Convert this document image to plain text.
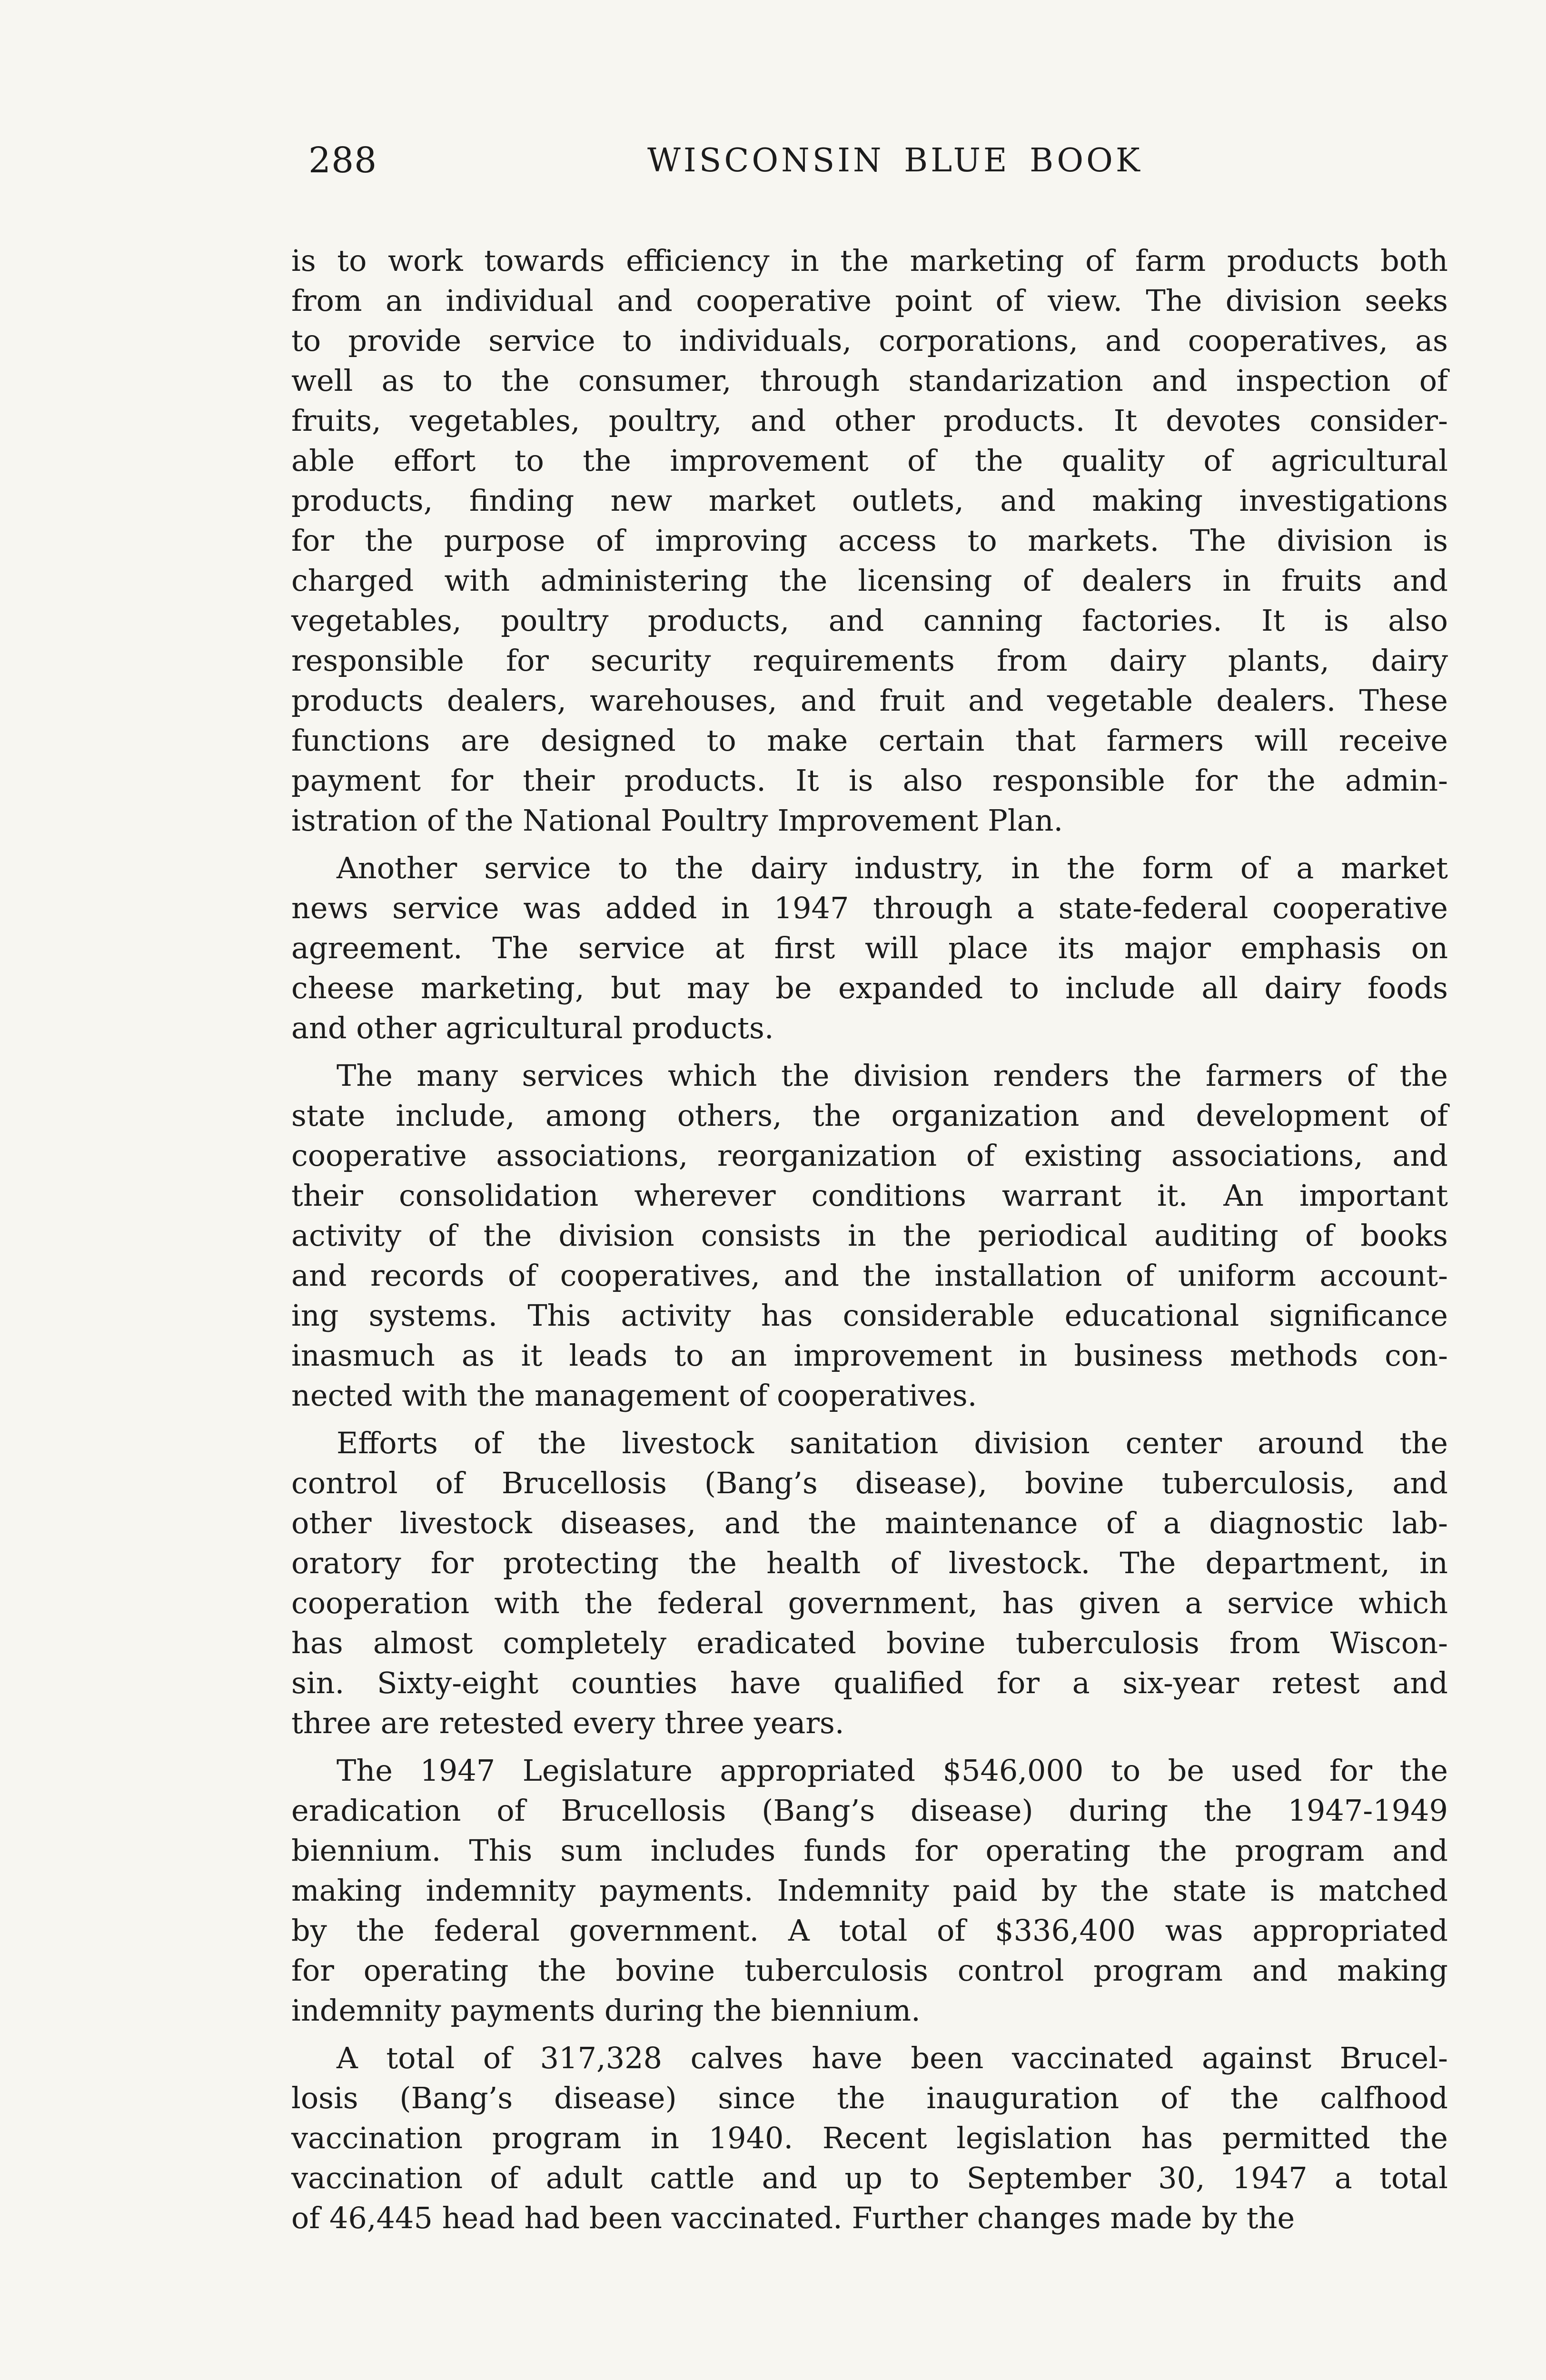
288	WISCONSIN BLUE BOOK
is to work towards efficiency in the marketing of farm products both
from an individual and cooperative point of view. The division seeks
to provide service to individuals, corporations, and cooperatives, as
well as to the consumer, through standarization and inspection of
fruits, vegetables, poultry, and other products. It devotes consider-
able effort to the improvement of the quality of agricultural
products, finding new market outlets, and making investigations
for the purpose of improving access to markets. The division is
charged with administering the licensing of dealers in fruits and
vegetables, poultry products, and canning factories. It is also
responsible for security requirements from dairy plants, dairy
products dealers, warehouses, and fruit and vegetable dealers. These
functions are designed to make certain that farmers will receive
payment for their products. It is also responsible for the admin-
istration of the National Poultry Improvement Plan.
Another service to the dairy industry, in the form of a market
news service was added in 1947 through a state-federal cooperative
agreement. The service at first will place its major emphasis on
cheese marketing, but may be expanded to include all dairy foods
and other agricultural products.
The many services which the division renders the farmers of the
state include, among others, the organization and development of
cooperative associations, reorganization of existing associations, and
their consolidation wherever conditions warrant it. An important
activity of the division consists in the periodical auditing of books
and records of cooperatives, and the installation of uniform account-
ing systems. This activity has considerable educational significance
inasmuch as it leads to an improvement in business methods con-
nected with the management of cooperatives.
Efforts of the livestock sanitation division center around the
control of Brucellosis (Bang’s disease), bovine tuberculosis, and
other livestock diseases, and the maintenance of a diagnostic lab-
oratory for protecting the health of livestock. The department, in
cooperation with the federal government, has given a service which
has almost completely eradicated bovine tuberculosis from Wiscon-
sin. Sixty-eight counties have qualified for a six-year retest and
three are retested every three years.
The 1947 Legislature appropriated $546,000 to be used for the
eradication of Brucellosis (Bang’s disease) during the 1947-1949
biennium. This sum includes funds for operating the program and
making indemnity payments. Indemnity paid by the state is matched
by the federal government. A total of $336,400 was appropriated
for operating the bovine tuberculosis control program and making
indemnity payments during the biennium.
A total of 317,328 calves have been vaccinated against Brucel-
losis (Bang’s disease) since the inauguration of the calfhood
vaccination program in 1940. Recent legislation has permitted the
vaccination of adult cattle and up to September 30, 1947 a total
of 46,445 head had been vaccinated. Further changes made by the
